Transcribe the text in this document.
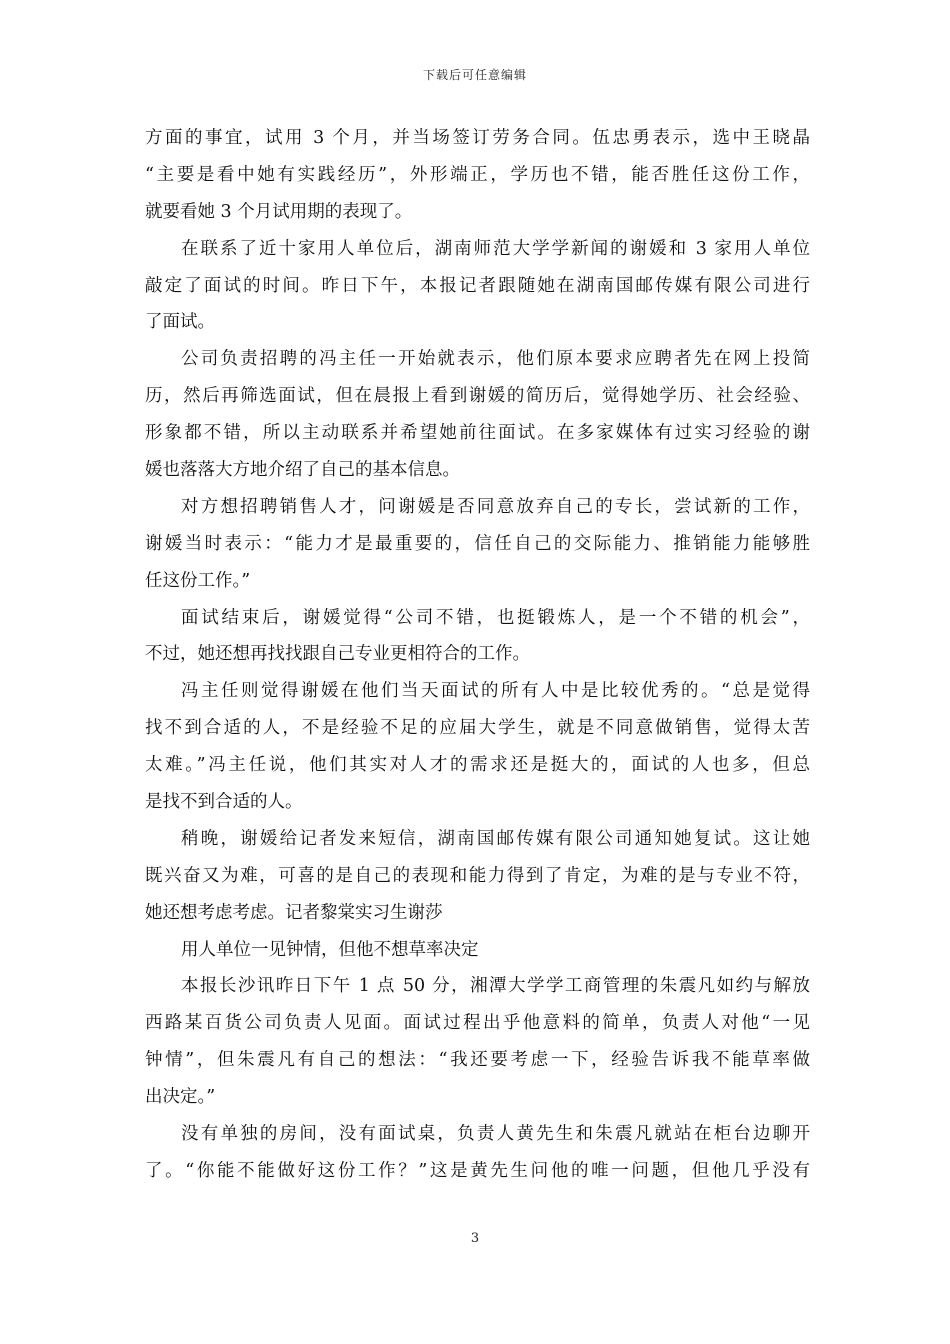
下载后可任意编辑
方面的事宜，试用 3 个月，并当场签订劳务合同。伍忠勇表示，选中王晓晶
“主要是看中她有实践经历”，外形端正，学历也不错，能否胜任这份工作，
就要看她 3 个月试用期的表现了。
在联系了近十家用人单位后，湖南师范大学学新闻的谢媛和 3 家用人单位
敲定了面试的时间。昨日下午，本报记者跟随她在湖南国邮传媒有限公司进行
了面试。
公司负责招聘的冯主任一开始就表示，他们原本要求应聘者先在网上投简
历，然后再筛选面试，但在晨报上看到谢媛的简历后，觉得她学历、社会经验、
形象都不错，所以主动联系并希望她前往面试。在多家媒体有过实习经验的谢
媛也落落大方地介绍了自己的基本信息。
对方想招聘销售人才，问谢媛是否同意放弃自己的专长，尝试新的工作，
谢媛当时表示：“能力才是最重要的，信任自己的交际能力、推销能力能够胜
任这份工作。”
面试结束后，谢媛觉得“公司不错，也挺锻炼人，是一个不错的机会”，
不过，她还想再找找跟自己专业更相符合的工作。
冯主任则觉得谢媛在他们当天面试的所有人中是比较优秀的。“总是觉得
找不到合适的人，不是经验不足的应届大学生，就是不同意做销售，觉得太苦
太难。”冯主任说，他们其实对人才的需求还是挺大的，面试的人也多，但总
是找不到合适的人。
稍晚，谢媛给记者发来短信，湖南国邮传媒有限公司通知她复试。这让她
既兴奋又为难，可喜的是自己的表现和能力得到了肯定，为难的是与专业不符，
她还想考虑考虑。记者黎棠实习生谢莎
用人单位一见钟情，但他不想草率决定
本报长沙讯昨日下午 1 点 50 分，湘潭大学学工商管理的朱震凡如约与解放
西路某百货公司负责人见面。面试过程出乎他意料的简单，负责人对他“一见
钟情”，但朱震凡有自己的想法：“我还要考虑一下，经验告诉我不能草率做
出决定。”
没有单独的房间，没有面试桌，负责人黄先生和朱震凡就站在柜台边聊开
了。“你能不能做好这份工作？”这是黄先生问他的唯一问题，但他几乎没有
3
